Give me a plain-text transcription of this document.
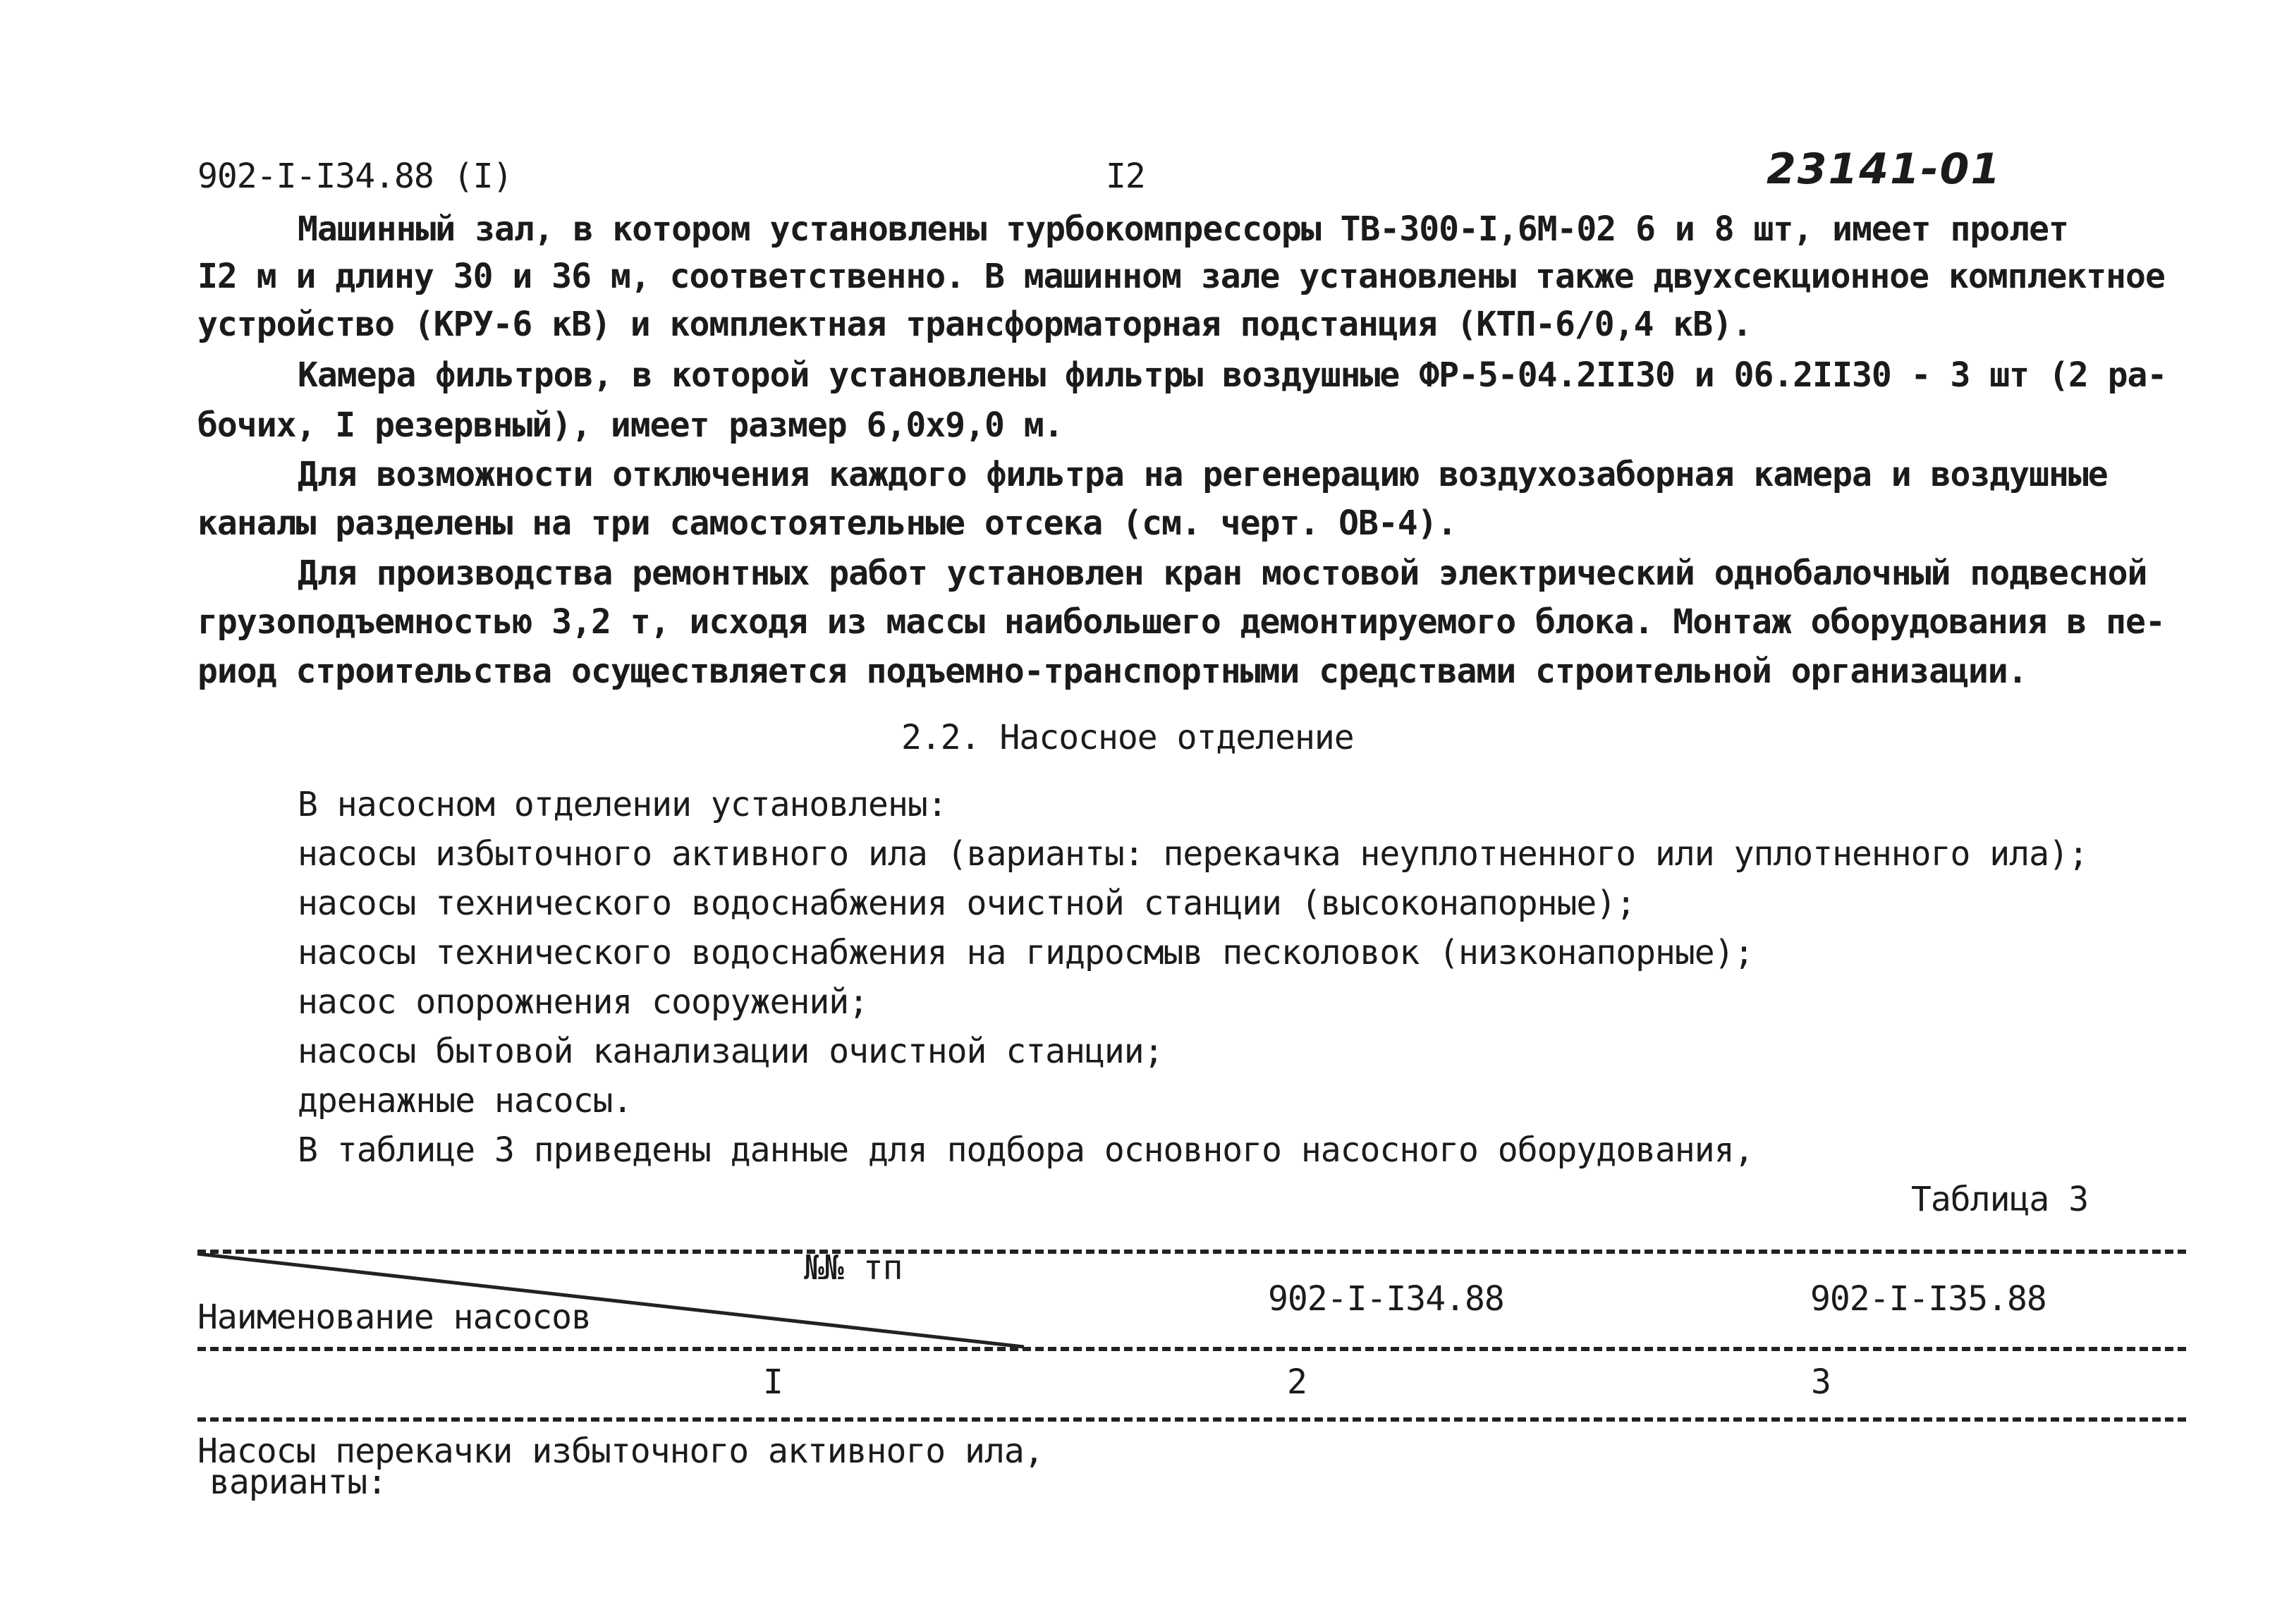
902-I-I34.88 (I)	I2	23141-01
Машинный зал, в котором установлены турбокомпрессоры ТВ-300-I,6М-02 6 и 8 шт, имеет пролет
I2 м и длину 30 и 36 м, соответственно. В машинном зале установлены также двухсекционное комплектное
устройство (КРУ-6 кВ) и комплектная трансформаторная подстанция (КТП-6/0,4 кВ).
Камера фильтров, в которой установлены фильтры воздушные ФР-5-04.2II30 и 06.2II30 - 3 шт (2 ра-
бочих, I резервный), имеет размер 6,0х9,0 м.
Для возможности отключения каждого фильтра на регенерацию воздухозаборная камера и воздушные
каналы разделены на три самостоятельные отсека (см. черт. ОВ-4).
Для производства ремонтных работ установлен кран мостовой электрический однобалочный подвесной
грузоподъемностью 3,2 т, исходя из массы наибольшего демонтируемого блока. Монтаж оборудования в пе-
риод строительства осуществляется подъемно-транспортными средствами строительной организации.
2.2. Насосное отделение
В насосном отделении установлены:
насосы избыточного активного ила (варианты: перекачка неуплотненного или уплотненного ила);
насосы технического водоснабжения очистной станции (высоконапорные);
насосы технического водоснабжения на гидросмыв песколовок (низконапорные);
насос опорожнения сооружений;
насосы бытовой канализации очистной станции;
дренажные насосы.
В таблице 3 приведены данные для подбора основного насосного оборудования,
Таблица 3
№№ тп
Наименование насосов	902-I-I34.88	902-I-I35.88
I	2	3
Насосы перекачки избыточного активного ила,
варианты:
